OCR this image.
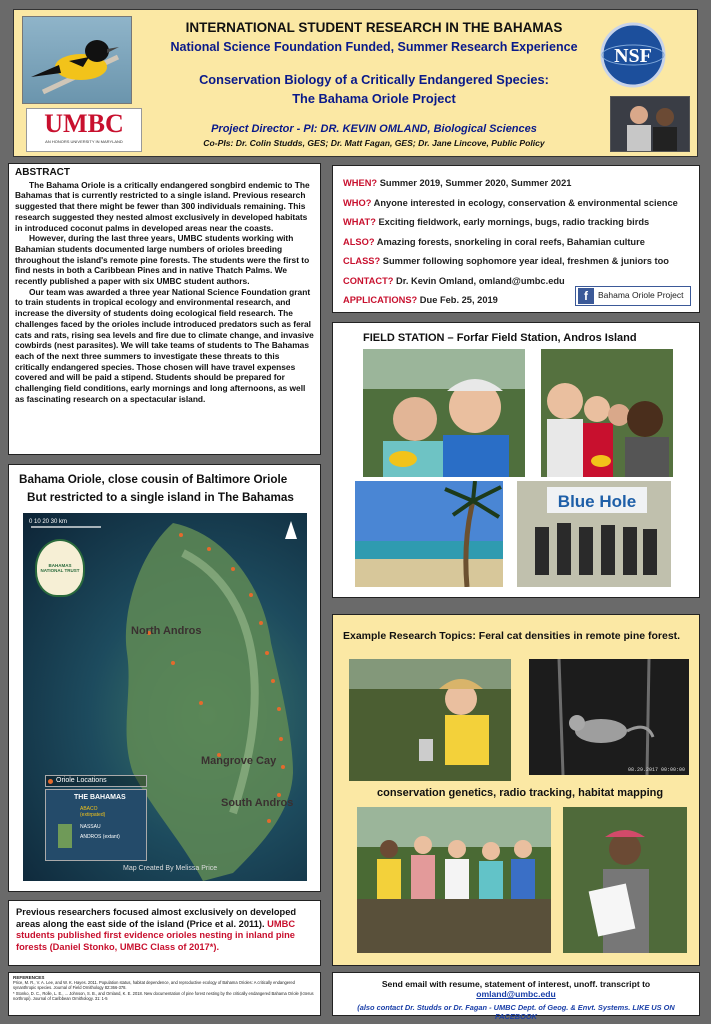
UMBC
AN HONORS UNIVERSITY IN MARYLAND
INTERNATIONAL STUDENT RESEARCH IN THE BAHAMAS
National Science Foundation Funded, Summer Research Experience
Conservation Biology of a Critically Endangered Species:
The Bahama Oriole Project
Project Director - PI: DR. KEVIN OMLAND, Biological Sciences
Co-PIs: Dr. Colin Studds, GES; Dr. Matt Fagan, GES; Dr. Jane Lincove, Public Policy
NSF
ABSTRACT

The Bahama Oriole is a critically endangered songbird endemic to The Bahamas that is currently restricted to a single island. Previous research suggested that there might be fewer than 300 individuals remaining. This research suggested they nested almost exclusively in developed habitats in introduced coconut palms in developed areas near the coasts.

However, during the last three years, UMBC students working with Bahamian students documented large numbers of orioles breeding throughout the island's remote pine forests. The students were the first to find nests in both a Caribbean Pines and in native Thatch Palms. We recently published a paper with six UMBC student authors.

Our team was awarded a three year National Science Foundation grant to train students in tropical ecology and environmental research, and increase the diversity of students doing ecological field research. The challenges faced by the orioles include introduced predators such as feral cats and rats, rising sea levels and fire due to climate change, and invasive cowbirds (nest parasites). We will take teams of students to The Bahamas each of the next three summers to investigate these threats to this critically endangered species. Those chosen will have travel expenses covered and will be paid a stipend. Students should be prepared for challenging field conditions, early mornings and long afternoons, as well as fascinating research on a spectacular island.

WHEN? Summer 2019, Summer 2020, Summer 2021
WHO? Anyone interested in ecology, conservation & environmental science
WHAT? Exciting fieldwork, early mornings, bugs, radio tracking birds
ALSO? Amazing forests, snorkeling in coral reefs, Bahamian culture
CLASS? Summer following sophomore year ideal, freshmen & juniors too
CONTACT? Dr. Kevin Omland, omland@umbc.edu
APPLICATIONS? Due Feb. 25, 2019	f	Bahama Oriole Project
FIELD STATION – Forfar Field Station, Andros Island
Blue Hole
Bahama Oriole, close cousin of Baltimore Oriole
But restricted to a single island in The Bahamas
0 10 20 30 km
BAHAMAS NATIONAL TRUST
North Andros
Mangrove Cay
South Andros
Oriole Locations
THE BAHAMAS
ABACO (extirpated)
NASSAU
ANDROS (extant)
Map Created By Melissa Price
Example Research Topics: Feral cat densities in remote pine forest.
08.29.2017 00:00:00
conservation genetics, radio tracking, habitat mapping
Previous researchers focused almost exclusively on developed areas along the east side of the island (Price et al. 2011). UMBC students published first evidence orioles nesting in inland pine forests (Daniel Stonko, UMBC Class of 2017*).
REFERENCES
Price, M. R., V. A. Lee, and W. K. Hayes. 2011. Population status, habitat dependence, and reproductive ecology of Bahama Orioles: A critically endangered synanthropic species. Journal of Field Ornithology 82:366-378.
* Stonko, D. C., Rolle, L. E., ... Johnson, S. B., and Omland, K. E. 2018. New documentation of pine forest nesting by the critically endangered Bahama Oriole (Icterus northropi). Journal of Caribbean Ornithology. 31: 1-5
Send email with resume, statement of interest, unoff. transcript to omland@umbc.edu
(also contact Dr. Studds or Dr. Fagan - UMBC Dept. of Geog. & Envt. Systems. LIKE US ON FACEBOOK
